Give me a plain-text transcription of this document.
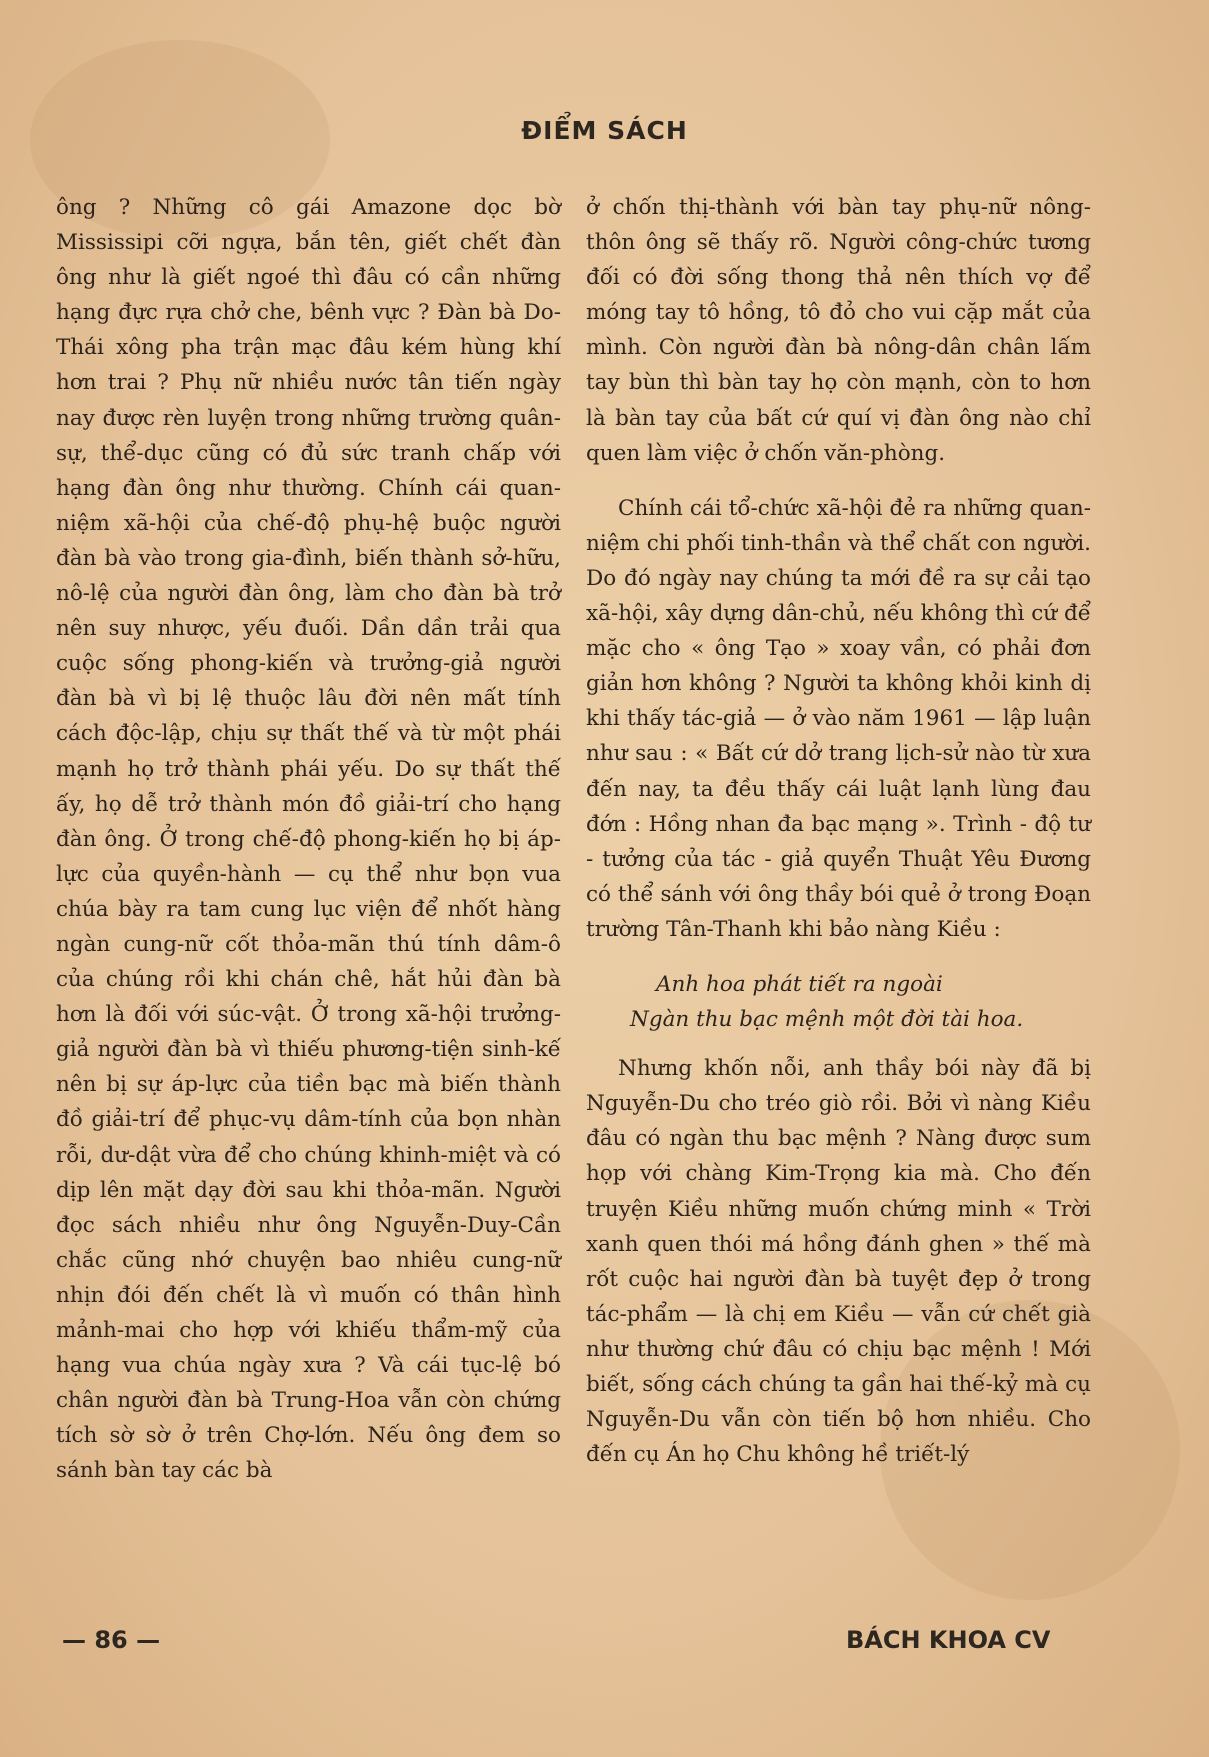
ĐIỂM SÁCH

ông ? Những cô gái Amazone dọc bờ Mississipi cỡi ngựa, bắn tên, giết chết đàn ông như là giết ngoé thì đâu có cần những hạng đực rựa chở che, bênh vực ? Đàn bà Do-Thái xông pha trận mạc đâu kém hùng khí hơn trai ? Phụ nữ nhiều nước tân tiến ngày nay được rèn luyện trong những trường quân-sự, thể-dục cũng có đủ sức tranh chấp với hạng đàn ông như thường. Chính cái quan-niệm xã-hội của chế-độ phụ-hệ buộc người đàn bà vào trong gia-đình, biến thành sở-hữu, nô-lệ của người đàn ông, làm cho đàn bà trở nên suy nhược, yếu đuối. Dần dần trải qua cuộc sống phong-kiến và trưởng-giả người đàn bà vì bị lệ thuộc lâu đời nên mất tính cách độc-lập, chịu sự thất thế và từ một phái mạnh họ trở thành phái yếu. Do sự thất thế ấy, họ dễ trở thành món đồ giải-trí cho hạng đàn ông. Ở trong chế-độ phong-kiến họ bị áp-lực của quyền-hành — cụ thể như bọn vua chúa bày ra tam cung lục viện để nhốt hàng ngàn cung-nữ cốt thỏa-mãn thú tính dâm-ô của chúng rồi khi chán chê, hắt hủi đàn bà hơn là đối với súc-vật. Ở trong xã-hội trưởng-giả người đàn bà vì thiếu phương-tiện sinh-kế nên bị sự áp-lực của tiền bạc mà biến thành đồ giải-trí để phục-vụ dâm-tính của bọn nhàn rỗi, dư-dật vừa để cho chúng khinh-miệt và có dịp lên mặt dạy đời sau khi thỏa-mãn. Người đọc sách nhiều như ông Nguyễn-Duy-Cần chắc cũng nhớ chuyện bao nhiêu cung-nữ nhịn đói đến chết là vì muốn có thân hình mảnh-mai cho hợp với khiếu thẩm-mỹ của hạng vua chúa ngày xưa ? Và cái tục-lệ bó chân người đàn bà Trung-Hoa vẫn còn chứng tích sờ sờ ở trên Chợ-lớn. Nếu ông đem so sánh bàn tay các bà

ở chốn thị-thành với bàn tay phụ-nữ nông-thôn ông sẽ thấy rõ. Người công-chức tương đối có đời sống thong thả nên thích vợ để móng tay tô hồng, tô đỏ cho vui cặp mắt của mình. Còn người đàn bà nông-dân chân lấm tay bùn thì bàn tay họ còn mạnh, còn to hơn là bàn tay của bất cứ quí vị đàn ông nào chỉ quen làm việc ở chốn văn-phòng.

Chính cái tổ-chức xã-hội đẻ ra những quan-niệm chi phối tinh-thần và thể chất con người. Do đó ngày nay chúng ta mới đề ra sự cải tạo xã-hội, xây dựng dân-chủ, nếu không thì cứ để mặc cho « ông Tạo » xoay vần, có phải đơn giản hơn không ? Người ta không khỏi kinh dị khi thấy tác-giả — ở vào năm 1961 — lập luận như sau : « Bất cứ dở trang lịch-sử nào từ xưa đến nay, ta đều thấy cái luật lạnh lùng đau đớn : Hồng nhan đa bạc mạng ». Trình - độ tư - tưởng của tác - giả quyển Thuật Yêu Đương có thể sánh với ông thầy bói quẻ ở trong Đoạn trường Tân-Thanh khi bảo nàng Kiều :

Anh hoa phát tiết ra ngoài
Ngàn thu bạc mệnh một đời tài hoa.

Nhưng khốn nỗi, anh thầy bói này đã bị Nguyễn-Du cho tréo giò rồi. Bởi vì nàng Kiều đâu có ngàn thu bạc mệnh ? Nàng được sum họp với chàng Kim-Trọng kia mà. Cho đến truyện Kiều những muốn chứng minh « Trời xanh quen thói má hồng đánh ghen » thế mà rốt cuộc hai người đàn bà tuyệt đẹp ở trong tác-phẩm — là chị em Kiều — vẫn cứ chết già như thường chứ đâu có chịu bạc mệnh ! Mới biết, sống cách chúng ta gần hai thế-kỷ mà cụ Nguyễn-Du vẫn còn tiến bộ hơn nhiều. Cho đến cụ Án họ Chu không hề triết-lý

— 86 —	BÁCH KHOA CV
